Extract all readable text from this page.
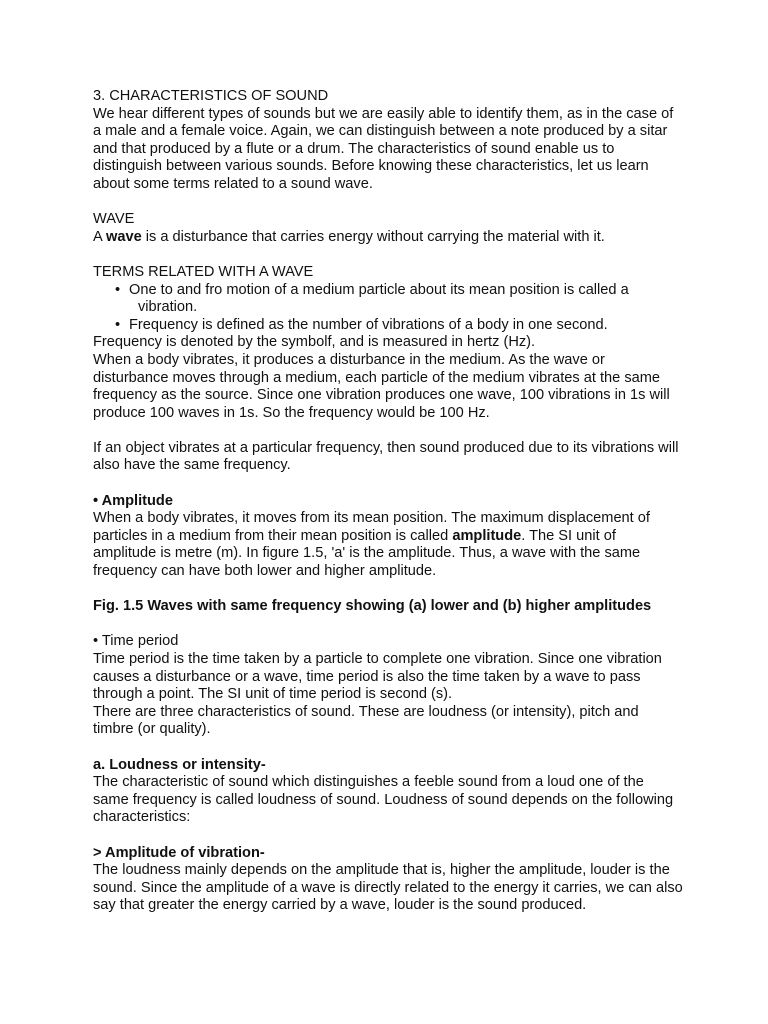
3. CHARACTERISTICS OF SOUND

We hear different types of sounds but we are easily able to identify them, as in the case of a male and a female voice. Again, we can distinguish between a note produced by a sitar and that produced by a flute or a drum. The characteristics of sound enable us to distinguish between various sounds. Before knowing these characteristics, let us learn about some terms related to a sound wave.

WAVE

A wave is a disturbance that carries energy without carrying the material with it.

TERMS RELATED WITH A WAVE

• One to and fro motion of a medium particle about its mean position is called a
vibration.
• Frequency is defined as the number of vibrations of a body in one second.

Frequency is denoted by the symbolf, and is measured in hertz (Hz).

When a body vibrates, it produces a disturbance in the medium. As the wave or disturbance moves through a medium, each particle of the medium vibrates at the same frequency as the source. Since one vibration produces one wave, 100 vibrations in 1s will produce 100 waves in 1s. So the frequency would be 100 Hz.

If an object vibrates at a particular frequency, then sound produced due to its vibrations will also have the same frequency.

• Amplitude

When a body vibrates, it moves from its mean position. The maximum displacement of particles in a medium from their mean position is called amplitude. The SI unit of amplitude is metre (m). In figure 1.5, 'a' is the amplitude. Thus, a wave with the same frequency can have both lower and higher amplitude.

Fig. 1.5 Waves with same frequency showing (a) lower and (b) higher amplitudes

• Time period

Time period is the time taken by a particle to complete one vibration. Since one vibration causes a disturbance or a wave, time period is also the time taken by a wave to pass through a point. The SI unit of time period is second (s).

There are three characteristics of sound. These are loudness (or intensity), pitch and timbre (or quality).

a. Loudness or intensity-

The characteristic of sound which distinguishes a feeble sound from a loud one of the same frequency is called loudness of sound. Loudness of sound depends on the following characteristics:

> Amplitude of vibration-

The loudness mainly depends on the amplitude that is, higher the amplitude, louder is the sound. Since the amplitude of a wave is directly related to the energy it carries, we can also say that greater the energy carried by a wave, louder is the sound produced.
